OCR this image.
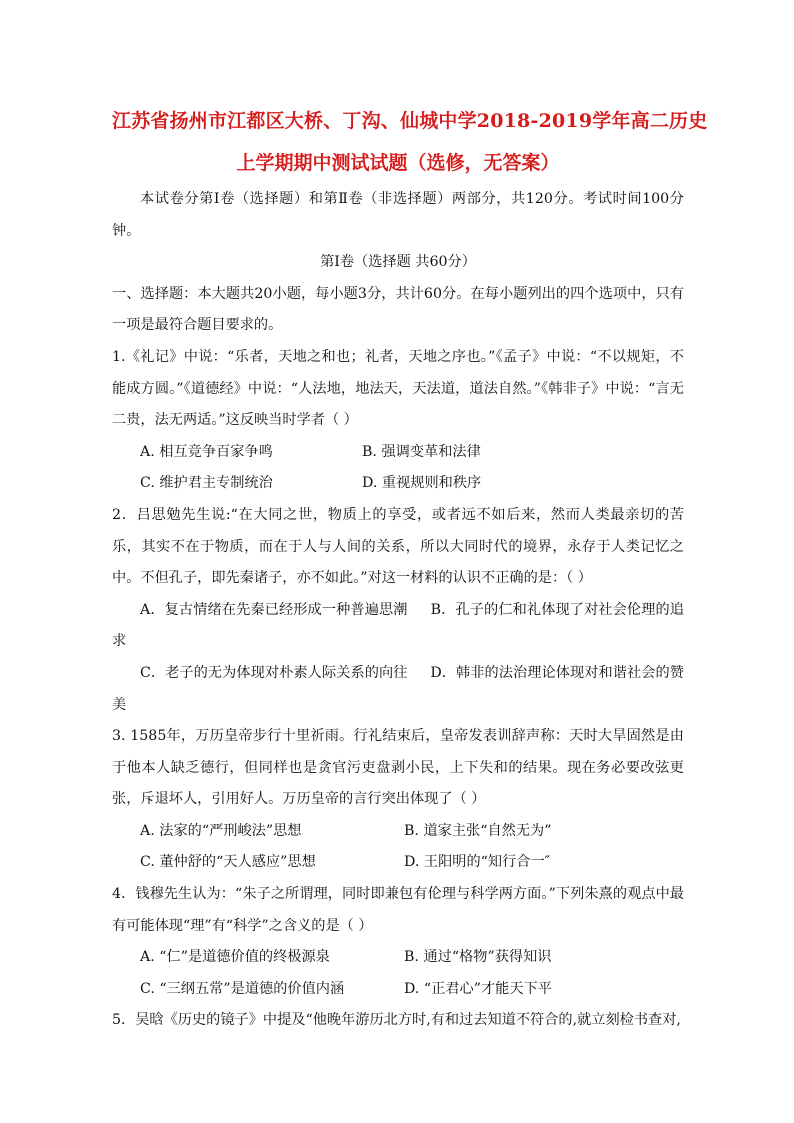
江苏省扬州市江都区大桥、丁沟、仙城中学2018-2019学年高二历史

上学期期中测试试题（选修，无答案）

本试卷分第Ⅰ卷（选择题）和第Ⅱ卷（非选择题）两部分，共120分。考试时间100分钟。

第Ⅰ卷（选择题 共60分）

一、选择题：本大题共20小题，每小题3分，共计60分。在每小题列出的四个选项中，只有一项是最符合题目要求的。

1.《礼记》中说：“乐者，天地之和也；礼者，天地之序也。”《孟子》中说：“不以规矩，不能成方圆。”《道德经》中说：“人法地，地法天，天法道，道法自然。”《韩非子》中说：“言无二贵，法无两适。”这反映当时学者（ ）

A. 相互竞争百家争鸣	B. 强调变革和法律
C. 维护君主专制统治	D. 重视规则和秩序

2．吕思勉先生说:“在大同之世，物质上的享受，或者远不如后来，然而人类最亲切的苦乐，其实不在于物质，而在于人与人间的关系，所以大同时代的境界，永存于人类记忆之中。不但孔子，即先秦诸子，亦不如此。”对这一材料的认识不正确的是：（ ）

A．复古情绪在先秦已经形成一种普遍思潮 B．孔子的仁和礼体现了对社会伦理的追求

C．老子的无为体现对朴素人际关系的向往 D．韩非的法治理论体现对和谐社会的赞美

3. 1585年，万历皇帝步行十里祈雨。行礼结束后，皇帝发表训辞声称：天时大旱固然是由于他本人缺乏德行，但同样也是贪官污吏盘剥小民，上下失和的结果。现在务必要改弦更张，斥退坏人，引用好人。万历皇帝的言行突出体现了（ ）

A. 法家的“严刑峻法”思想	B. 道家主张“自然无为”
C. 董仲舒的“天人感应”思想	D. 王阳明的“知行合一″

4．钱穆先生认为：“朱子之所谓理，同时即兼包有伦理与科学两方面。”下列朱熹的观点中最有可能体现“理”有“科学”之含义的是（ ）

A. “仁”是道德价值的终极源泉	B. 通过“格物”获得知识
C. “三纲五常”是道德的价值内涵	D. “正君心”才能天下平

5．吴晗《历史的镜子》中提及“他晚年游历北方时,有和过去知道不符合的,就立刻检书查对,
